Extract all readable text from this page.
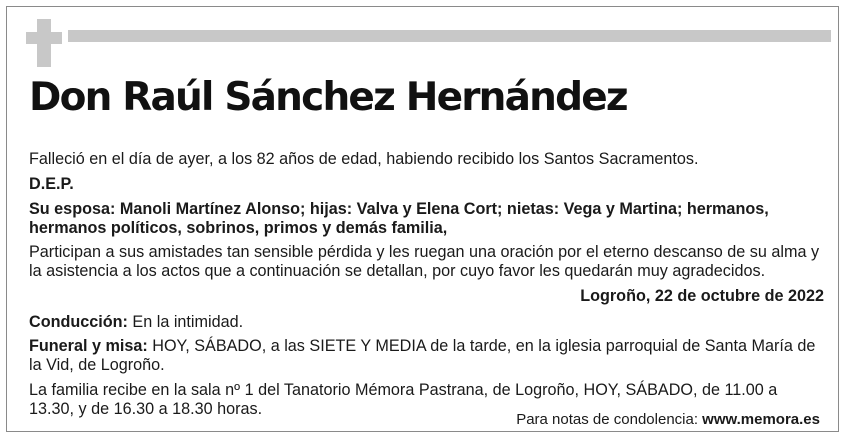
Don Raúl Sánchez Hernández
Falleció en el día de ayer, a los 82 años de edad, habiendo recibido los Santos Sacramentos.
D.E.P.
Su esposa: Manoli Martínez Alonso; hijas: Valva y Elena Cort; nietas: Vega y Martina; hermanos, hermanos políticos, sobrinos, primos y demás familia,
Participan a sus amistades tan sensible pérdida y les ruegan una oración por el eterno descanso de su alma y la asistencia a los actos que a continuación se detallan, por cuyo favor les quedarán muy agradecidos.
Logroño, 22 de octubre de 2022
Conducción: En la intimidad.
Funeral y misa: HOY, SÁBADO, a las SIETE Y MEDIA de la tarde, en la iglesia parroquial de Santa María de la Vid, de Logroño.
La familia recibe en la sala nº 1 del Tanatorio Mémora Pastrana, de Logroño, HOY, SÁBADO, de 11.00 a 13.30, y de 16.30 a 18.30 horas.
Para notas de condolencia: www.memora.es
